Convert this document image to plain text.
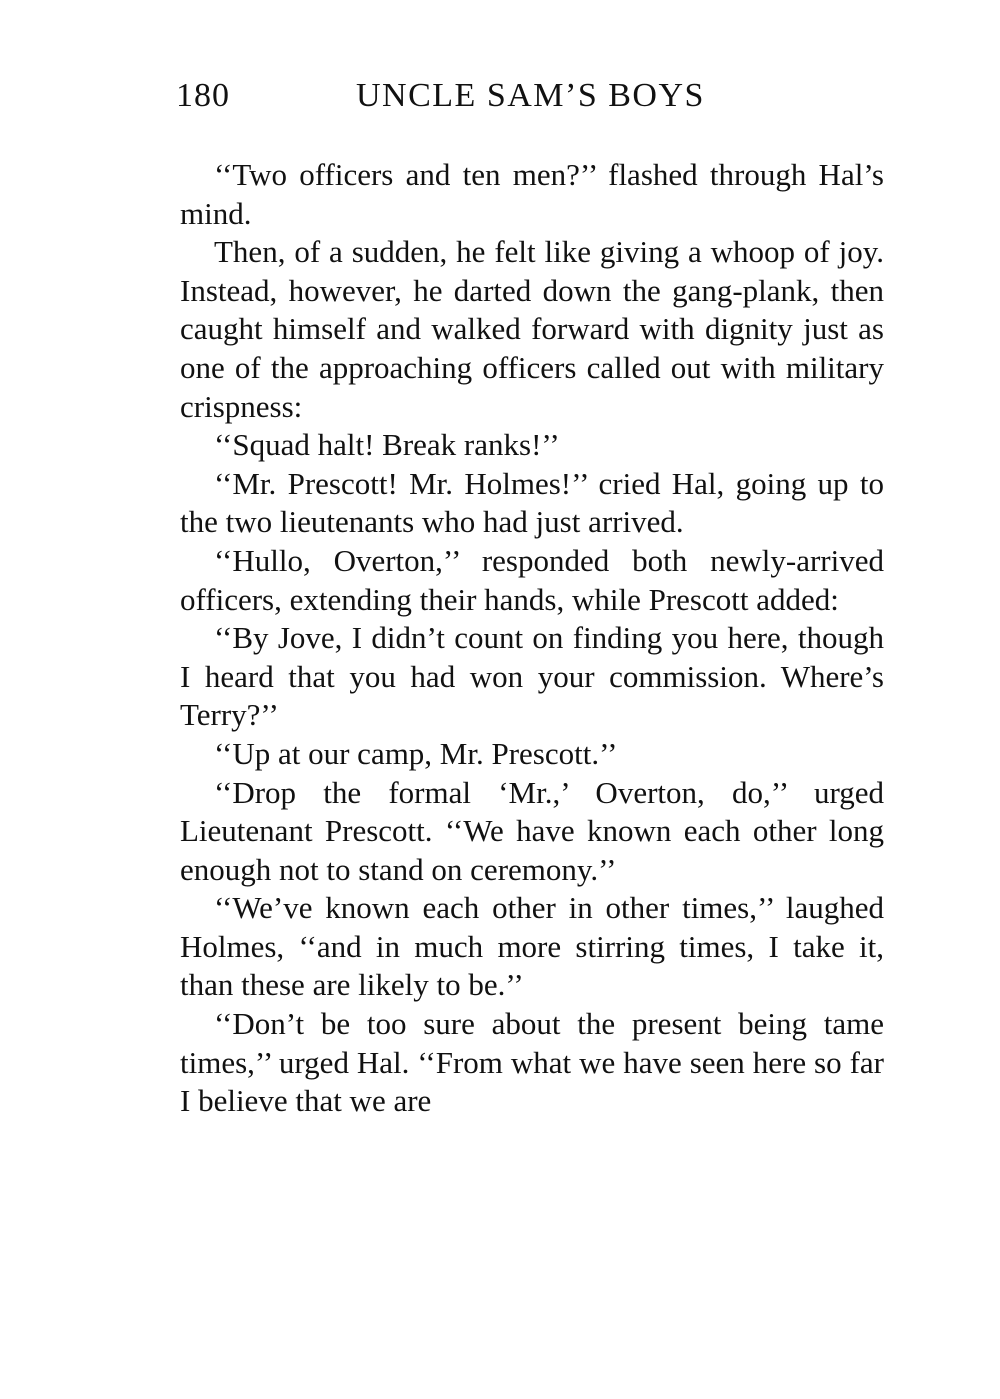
180	UNCLE SAM’S BOYS

‘‘Two officers and ten men?’’ flashed through Hal’s mind.

Then, of a sudden, he felt like giving a whoop of joy. Instead, however, he darted down the gang-plank, then caught himself and walked forward with dignity just as one of the approaching officers called out with military crispness:

‘‘Squad halt! Break ranks!’’

‘‘Mr. Prescott! Mr. Holmes!’’ cried Hal, going up to the two lieutenants who had just arrived.

‘‘Hullo, Overton,’’ responded both newly-arrived officers, extending their hands, while Prescott added:

‘‘By Jove, I didn’t count on finding you here, though I heard that you had won your commission. Where’s Terry?’’

‘‘Up at our camp, Mr. Prescott.’’

‘‘Drop the formal ‘Mr.,’ Overton, do,’’ urged Lieutenant Prescott. ‘‘We have known each other long enough not to stand on ceremony.’’

‘‘We’ve known each other in other times,’’ laughed Holmes, ‘‘and in much more stirring times, I take it, than these are likely to be.’’

‘‘Don’t be too sure about the present being tame times,’’ urged Hal. ‘‘From what we have seen here so far I believe that we are
